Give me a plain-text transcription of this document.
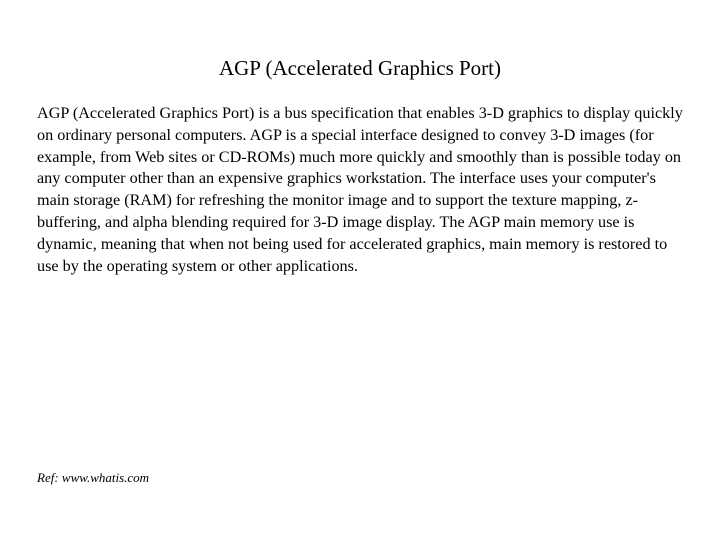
AGP (Accelerated Graphics Port)

AGP (Accelerated Graphics Port) is a bus specification that enables 3-D graphics to display quickly on ordinary personal computers. AGP is a special interface designed to convey 3-D images (for example, from Web sites or CD-ROMs) much more quickly and smoothly than is possible today on any computer other than an expensive graphics workstation. The interface uses your computer's main storage (RAM) for refreshing the monitor image and to support the texture mapping, z-buffering, and alpha blending required for 3-D image display. The AGP main memory use is dynamic, meaning that when not being used for accelerated graphics, main memory is restored to use by the operating system or other applications.

Ref: www.whatis.com
